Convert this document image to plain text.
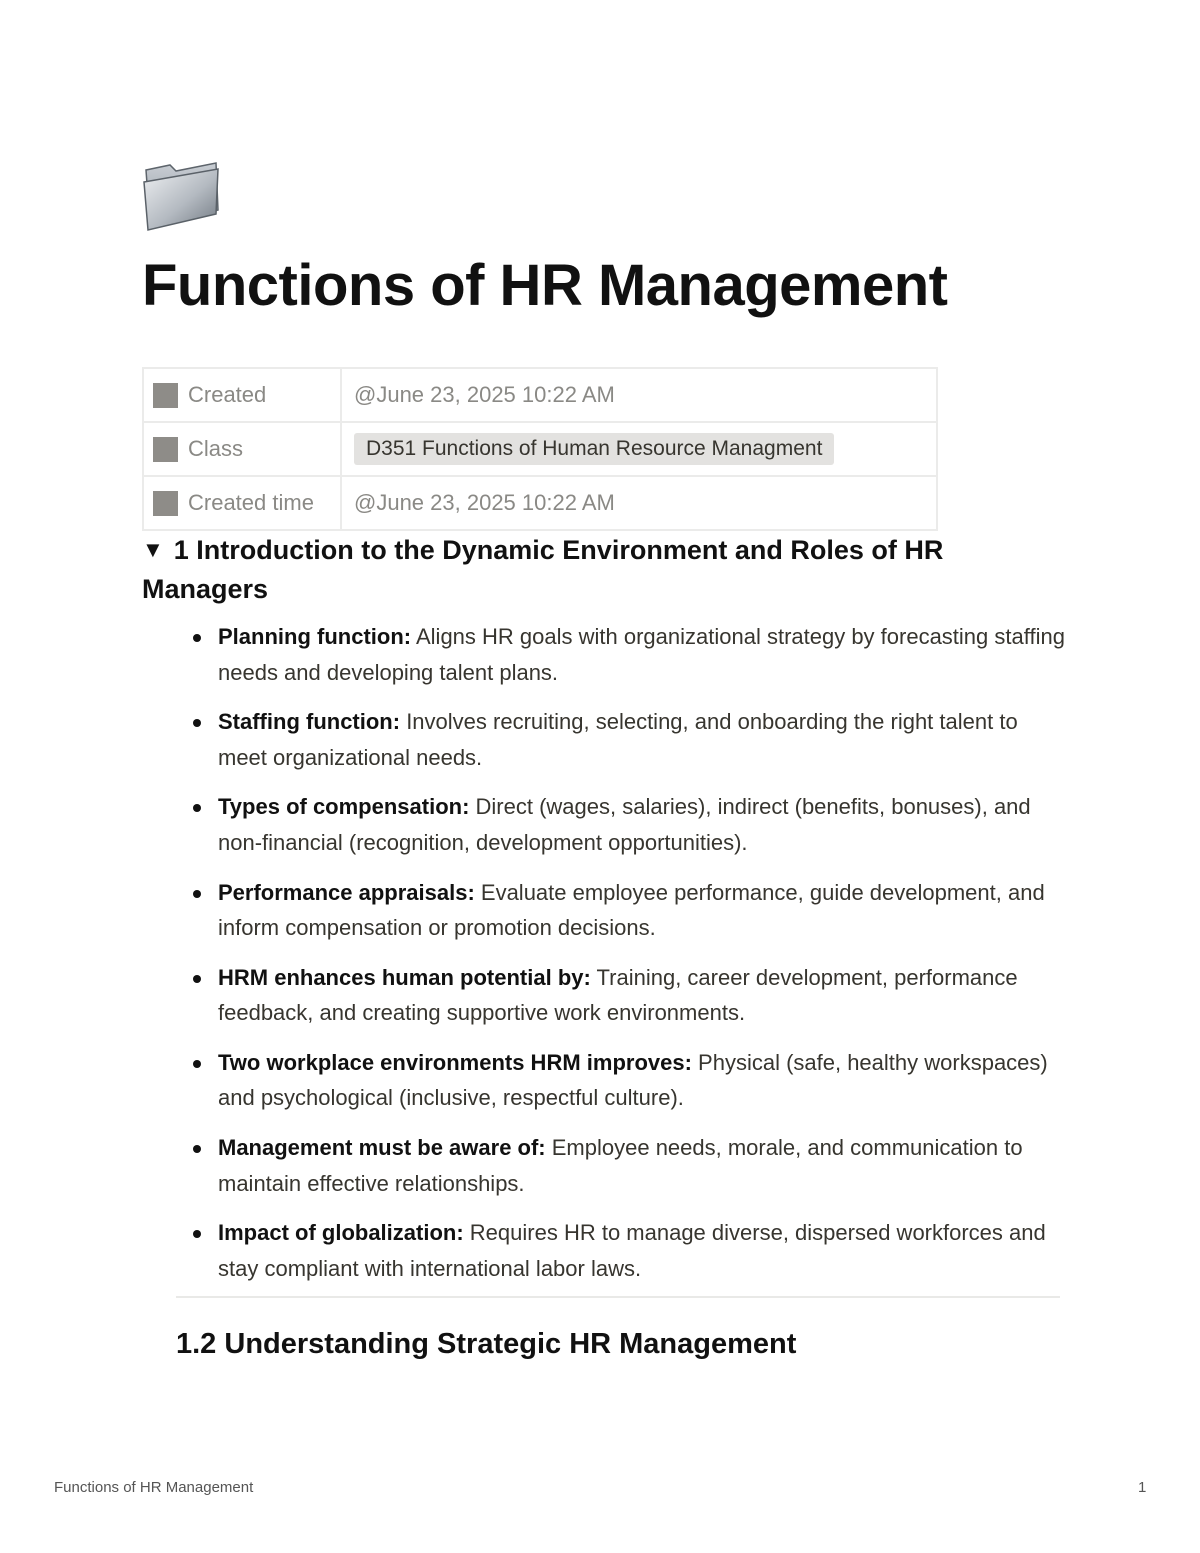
Functions of HR Management
Created	@June 23, 2025 10:22 AM

Class	D351 Functions of Human Resource Managment

Created time	@June 23, 2025 10:22 AM
▼ 1 Introduction to the Dynamic Environment and Roles of HR Managers
Planning function: Aligns HR goals with organizational strategy by forecasting staffing needs and developing talent plans.
Staffing function: Involves recruiting, selecting, and onboarding the right talent to meet organizational needs.
Types of compensation: Direct (wages, salaries), indirect (benefits, bonuses), and non-financial (recognition, development opportunities).
Performance appraisals: Evaluate employee performance, guide development, and inform compensation or promotion decisions.
HRM enhances human potential by: Training, career development, performance feedback, and creating supportive work environments.
Two workplace environments HRM improves: Physical (safe, healthy workspaces) and psychological (inclusive, respectful culture).
Management must be aware of: Employee needs, morale, and communication to maintain effective relationships.
Impact of globalization: Requires HR to manage diverse, dispersed workforces and stay compliant with international labor laws.
1.2 Understanding Strategic HR Management
Functions of HR Management	1
